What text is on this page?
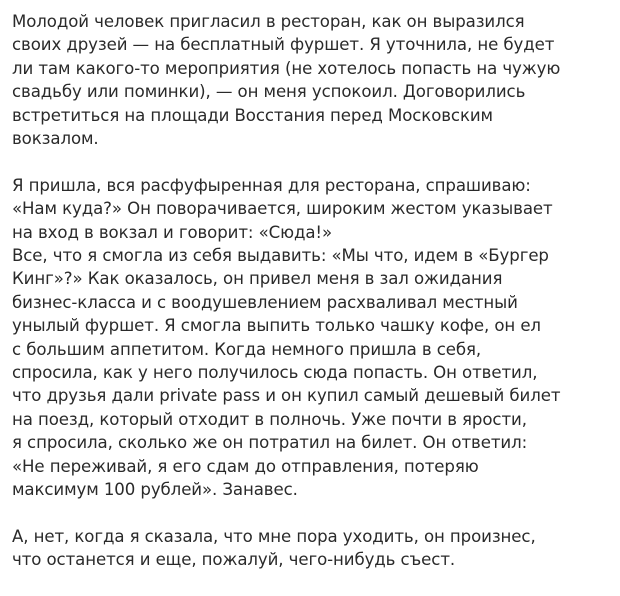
Молодой человек пригласил в ресторан, как он выразился
своих друзей — на бесплатный фуршет. Я уточнила, не будет
ли там какого-то мероприятия (не хотелось попасть на чужую
свадьбу или поминки), — он меня успокоил. Договорились
встретиться на площади Восстания перед Московским
вокзалом.

Я пришла, вся расфуфыренная для ресторана, спрашиваю:
«Нам куда?» Он поворачивается, широким жестом указывает
на вход в вокзал и говорит: «Сюда!»
Все, что я смогла из себя выдавить: «Мы что, идем в «Бургер
Кинг»?» Как оказалось, он привел меня в зал ожидания
бизнес-класса и с воодушевлением расхваливал местный
унылый фуршет. Я смогла выпить только чашку кофе, он ел
с большим аппетитом. Когда немного пришла в себя,
спросила, как у него получилось сюда попасть. Он ответил,
что друзья дали private pass и он купил самый дешевый билет
на поезд, который отходит в полночь. Уже почти в ярости,
я спросила, сколько же он потратил на билет. Он ответил:
«Не переживай, я его сдам до отправления, потеряю
максимум 100 рублей». Занавес.

А, нет, когда я сказала, что мне пора уходить, он произнес,
что останется и еще, пожалуй, чего-нибудь съест.
